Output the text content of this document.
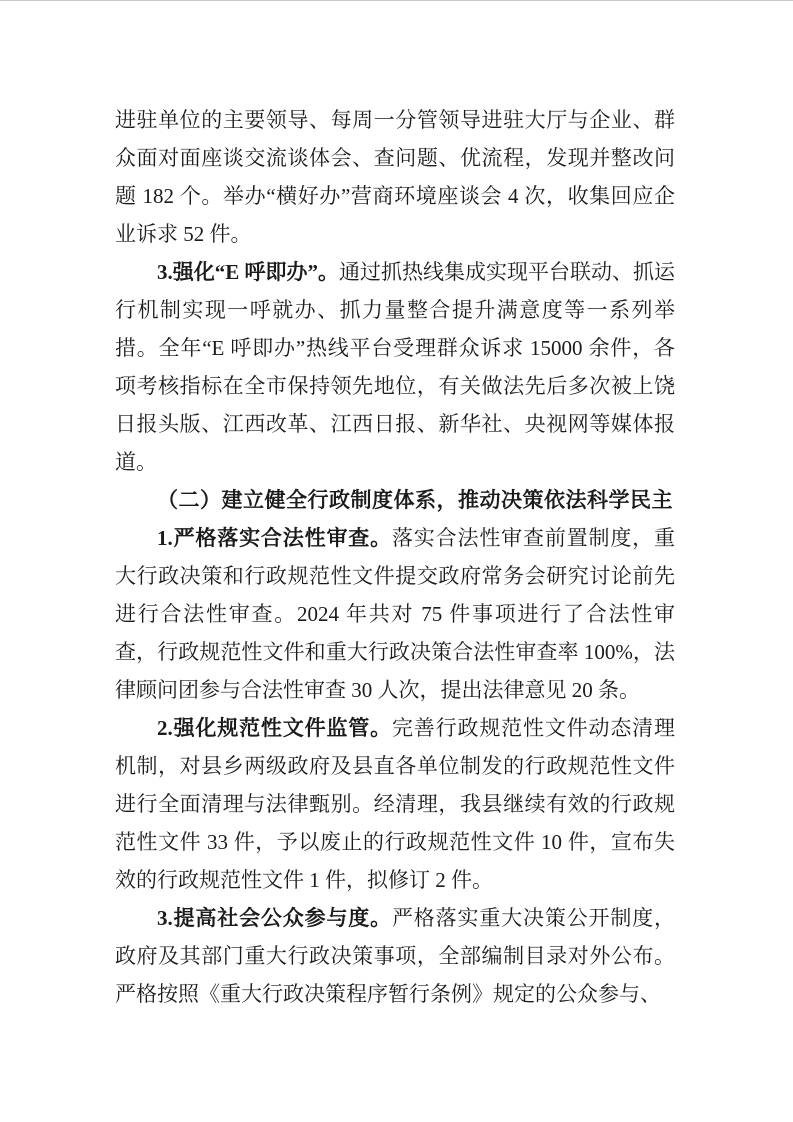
进驻单位的主要领导、每周一分管领导进驻大厅与企业、群众面对面座谈交流谈体会、查问题、优流程，发现并整改问题 182 个。举办“横好办”营商环境座谈会 4 次，收集回应企业诉求 52 件。

3.强化“E 呼即办”。通过抓热线集成实现平台联动、抓运行机制实现一呼就办、抓力量整合提升满意度等一系列举措。全年“E 呼即办”热线平台受理群众诉求 15000 余件，各项考核指标在全市保持领先地位，有关做法先后多次被上饶日报头版、江西改革、江西日报、新华社、央视网等媒体报道。

（二）建立健全行政制度体系，推动决策依法科学民主

1.严格落实合法性审查。落实合法性审查前置制度，重大行政决策和行政规范性文件提交政府常务会研究讨论前先进行合法性审查。2024 年共对 75 件事项进行了合法性审查，行政规范性文件和重大行政决策合法性审查率 100%，法律顾问团参与合法性审查 30 人次，提出法律意见 20 条。

2.强化规范性文件监管。完善行政规范性文件动态清理机制，对县乡两级政府及县直各单位制发的行政规范性文件进行全面清理与法律甄别。经清理，我县继续有效的行政规范性文件 33 件，予以废止的行政规范性文件 10 件，宣布失效的行政规范性文件 1 件，拟修订 2 件。

3.提高社会公众参与度。严格落实重大决策公开制度，政府及其部门重大行政决策事项，全部编制目录对外公布。严格按照《重大行政决策程序暂行条例》规定的公众参与、
